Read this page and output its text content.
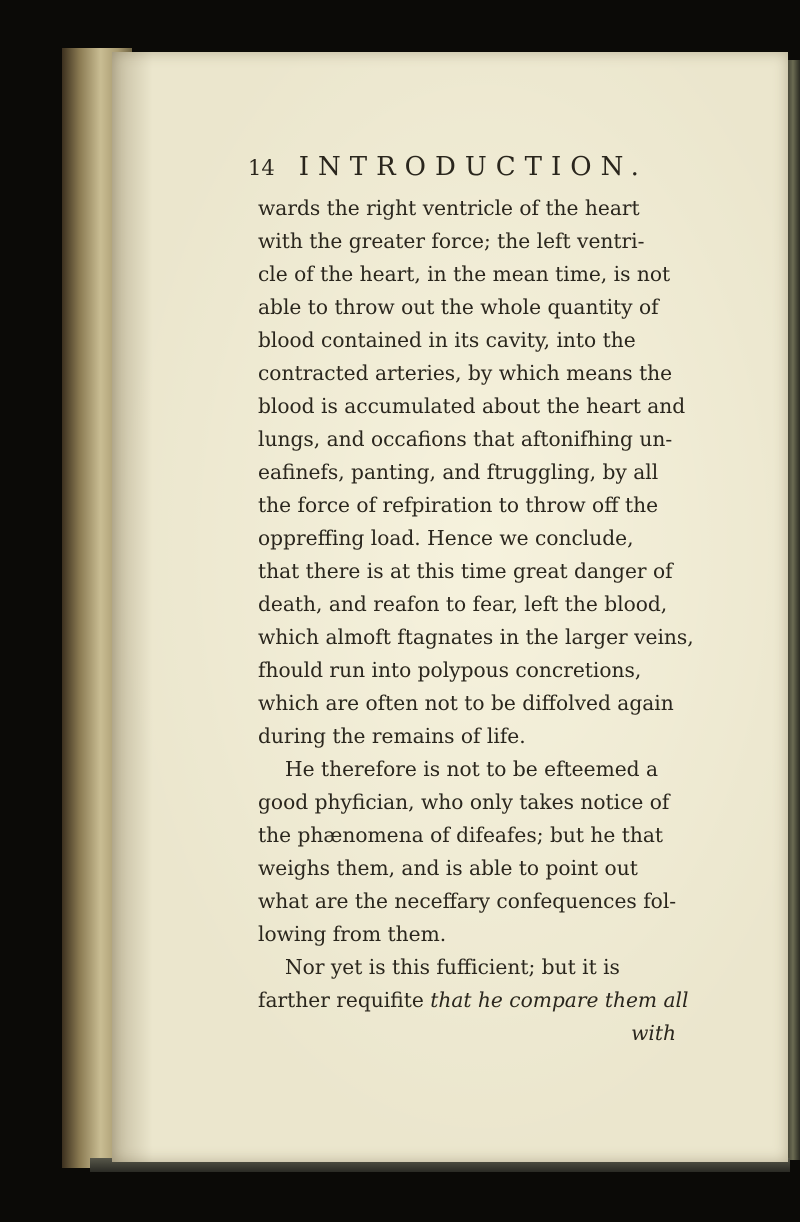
14 INTRODUCTION.
wards the right ventricle of the heart
with the greater force; the left ventri-
cle of the heart, in the mean time, is not
able to throw out the whole quantity of
blood contained in its cavity, into the
contracted arteries, by which means the
blood is accumulated about the heart and
lungs, and occafions that aftonifhing un-
eafinefs, panting, and ftruggling, by all
the force of refpiration to throw off the
oppreffing load. Hence we conclude,
that there is at this time great danger of
death, and reafon to fear, left the blood,
which almoft ftagnates in the larger veins,
fhould run into polypous concretions,
which are often not to be diffolved again
during the remains of life.
He therefore is not to be efteemed a
good phyfician, who only takes notice of
the phænomena of difeafes; but he that
weighs them, and is able to point out
what are the neceffary confequences fol-
lowing from them.
Nor yet is this fufficient; but it is
farther requifite that he compare them all
with
